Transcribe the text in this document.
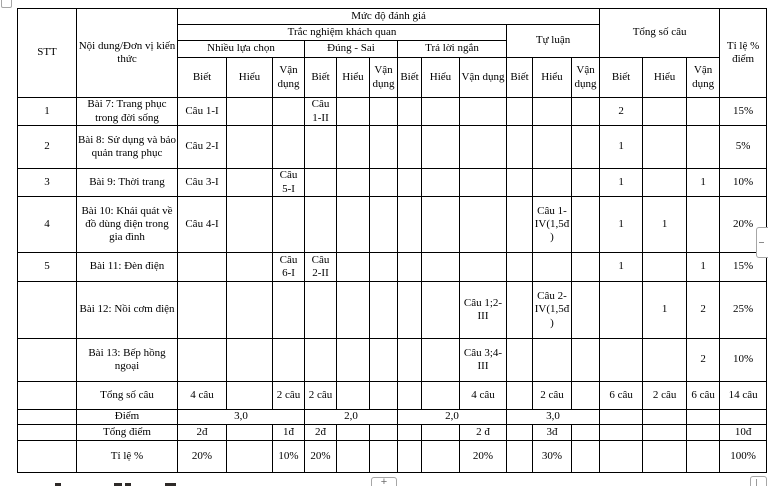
STT	Nội dung/Đơn vị kiến thức	Mức độ đánh giá												Tổng số câu			Tỉ lệ % điểm
		Trắc nghiệm khách quan									Tự luận						
		Nhiều lựa chọn			Đúng - Sai			Trả lời ngắn									
		Biết	Hiểu	Vận dụng	Biết	Hiểu	Vận dụng	Biết	Hiểu	Vận dụng	Biết	Hiểu	Vận dụng	Biết	Hiểu	Vận dụng	
1	Bài 7: Trang phục trong đời sống	Câu 1-I			Câu 1-II									2			15%
2	Bài 8: Sử dụng và bảo quản trang phục	Câu 2-I												1			5%
3	Bài 9: Thời trang	Câu 3-I		Câu 5-I										1		1	10%
4	Bài 10: Khái quát về đồ dùng điện trong gia đình	Câu 4-I										Câu 1-IV(1,5đ)		1	1		20%
5	Bài 11: Đèn điện			Câu 6-I	Câu 2-II									1		1	15%
	Bài 12: Nồi cơm điện									Câu 1;2-III		Câu 2-IV(1,5đ)			1	2	25%
	Bài 13: Bếp hồng ngoại									Câu 3;4-III						2	10%
	Tổng số câu	4 câu		2 câu	2 câu					4 câu		2 câu		6 câu	2 câu	6 câu	14 câu
	Điểm	3,0			2,0			2,0			3,0						
	Tổng điểm	2đ		1đ	2đ					2 đ		3đ					10đ
	Tỉ lệ %	20%		10%	20%					20%		30%					100%
+
